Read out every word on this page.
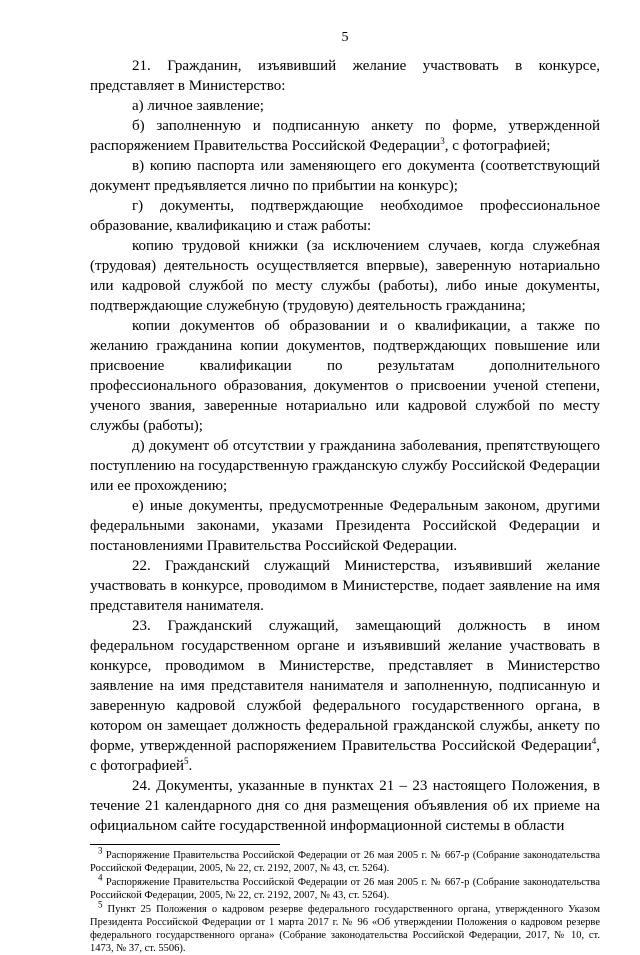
5

21. Гражданин, изъявивший желание участвовать в конкурсе, представляет в Министерство:

а) личное заявление;

б) заполненную и подписанную анкету по форме, утвержденной распоряжением Правительства Российской Федерации$^3$, с фотографией;

в) копию паспорта или заменяющего его документа (соответствующий документ предъявляется лично по прибытии на конкурс);

г) документы, подтверждающие необходимое профессиональное образование, квалификацию и стаж работы:

копию трудовой книжки (за исключением случаев, когда служебная (трудовая) деятельность осуществляется впервые), заверенную нотариально или кадровой службой по месту службы (работы), либо иные документы, подтверждающие служебную (трудовую) деятельность гражданина;

копии документов об образовании и о квалификации, а также по желанию гражданина копии документов, подтверждающих повышение или присвоение квалификации по результатам дополнительного профессионального образования, документов о присвоении ученой степени, ученого звания, заверенные нотариально или кадровой службой по месту службы (работы);

д) документ об отсутствии у гражданина заболевания, препятствующего поступлению на государственную гражданскую службу Российской Федерации или ее прохождению;

е) иные документы, предусмотренные Федеральным законом, другими федеральными законами, указами Президента Российской Федерации и постановлениями Правительства Российской Федерации.

22. Гражданский служащий Министерства, изъявивший желание участвовать в конкурсе, проводимом в Министерстве, подает заявление на имя представителя нанимателя.

23. Гражданский служащий, замещающий должность в ином федеральном государственном органе и изъявивший желание участвовать в конкурсе, проводимом в Министерстве, представляет в Министерство заявление на имя представителя нанимателя и заполненную, подписанную и заверенную кадровой службой федерального государственного органа, в котором он замещает должность федеральной гражданской службы, анкету по форме, утвержденной распоряжением Правительства Российской Федерации$^4$, с фотографией$^5$.

24. Документы, указанные в пунктах 21 – 23 настоящего Положения, в течение 21 календарного дня со дня размещения объявления об их приеме на официальном сайте государственной информационной системы в области

$^3$ Распоряжение Правительства Российской Федерации от 26 мая 2005 г. № 667-р (Собрание законодательства Российской Федерации, 2005, № 22, ст. 2192, 2007, № 43, ст. 5264).

$^4$ Распоряжение Правительства Российской Федерации от 26 мая 2005 г. № 667-р (Собрание законодательства Российской Федерации, 2005, № 22, ст. 2192, 2007, № 43, ст. 5264).

$^5$ Пункт 25 Положения о кадровом резерве федерального государственного органа, утвержденного Указом Президента Российской Федерации от 1 марта 2017 г. № 96 «Об утверждении Положения о кадровом резерве федерального государственного органа» (Собрание законодательства Российской Федерации, 2017, № 10, ст. 1473, № 37, ст. 5506).
